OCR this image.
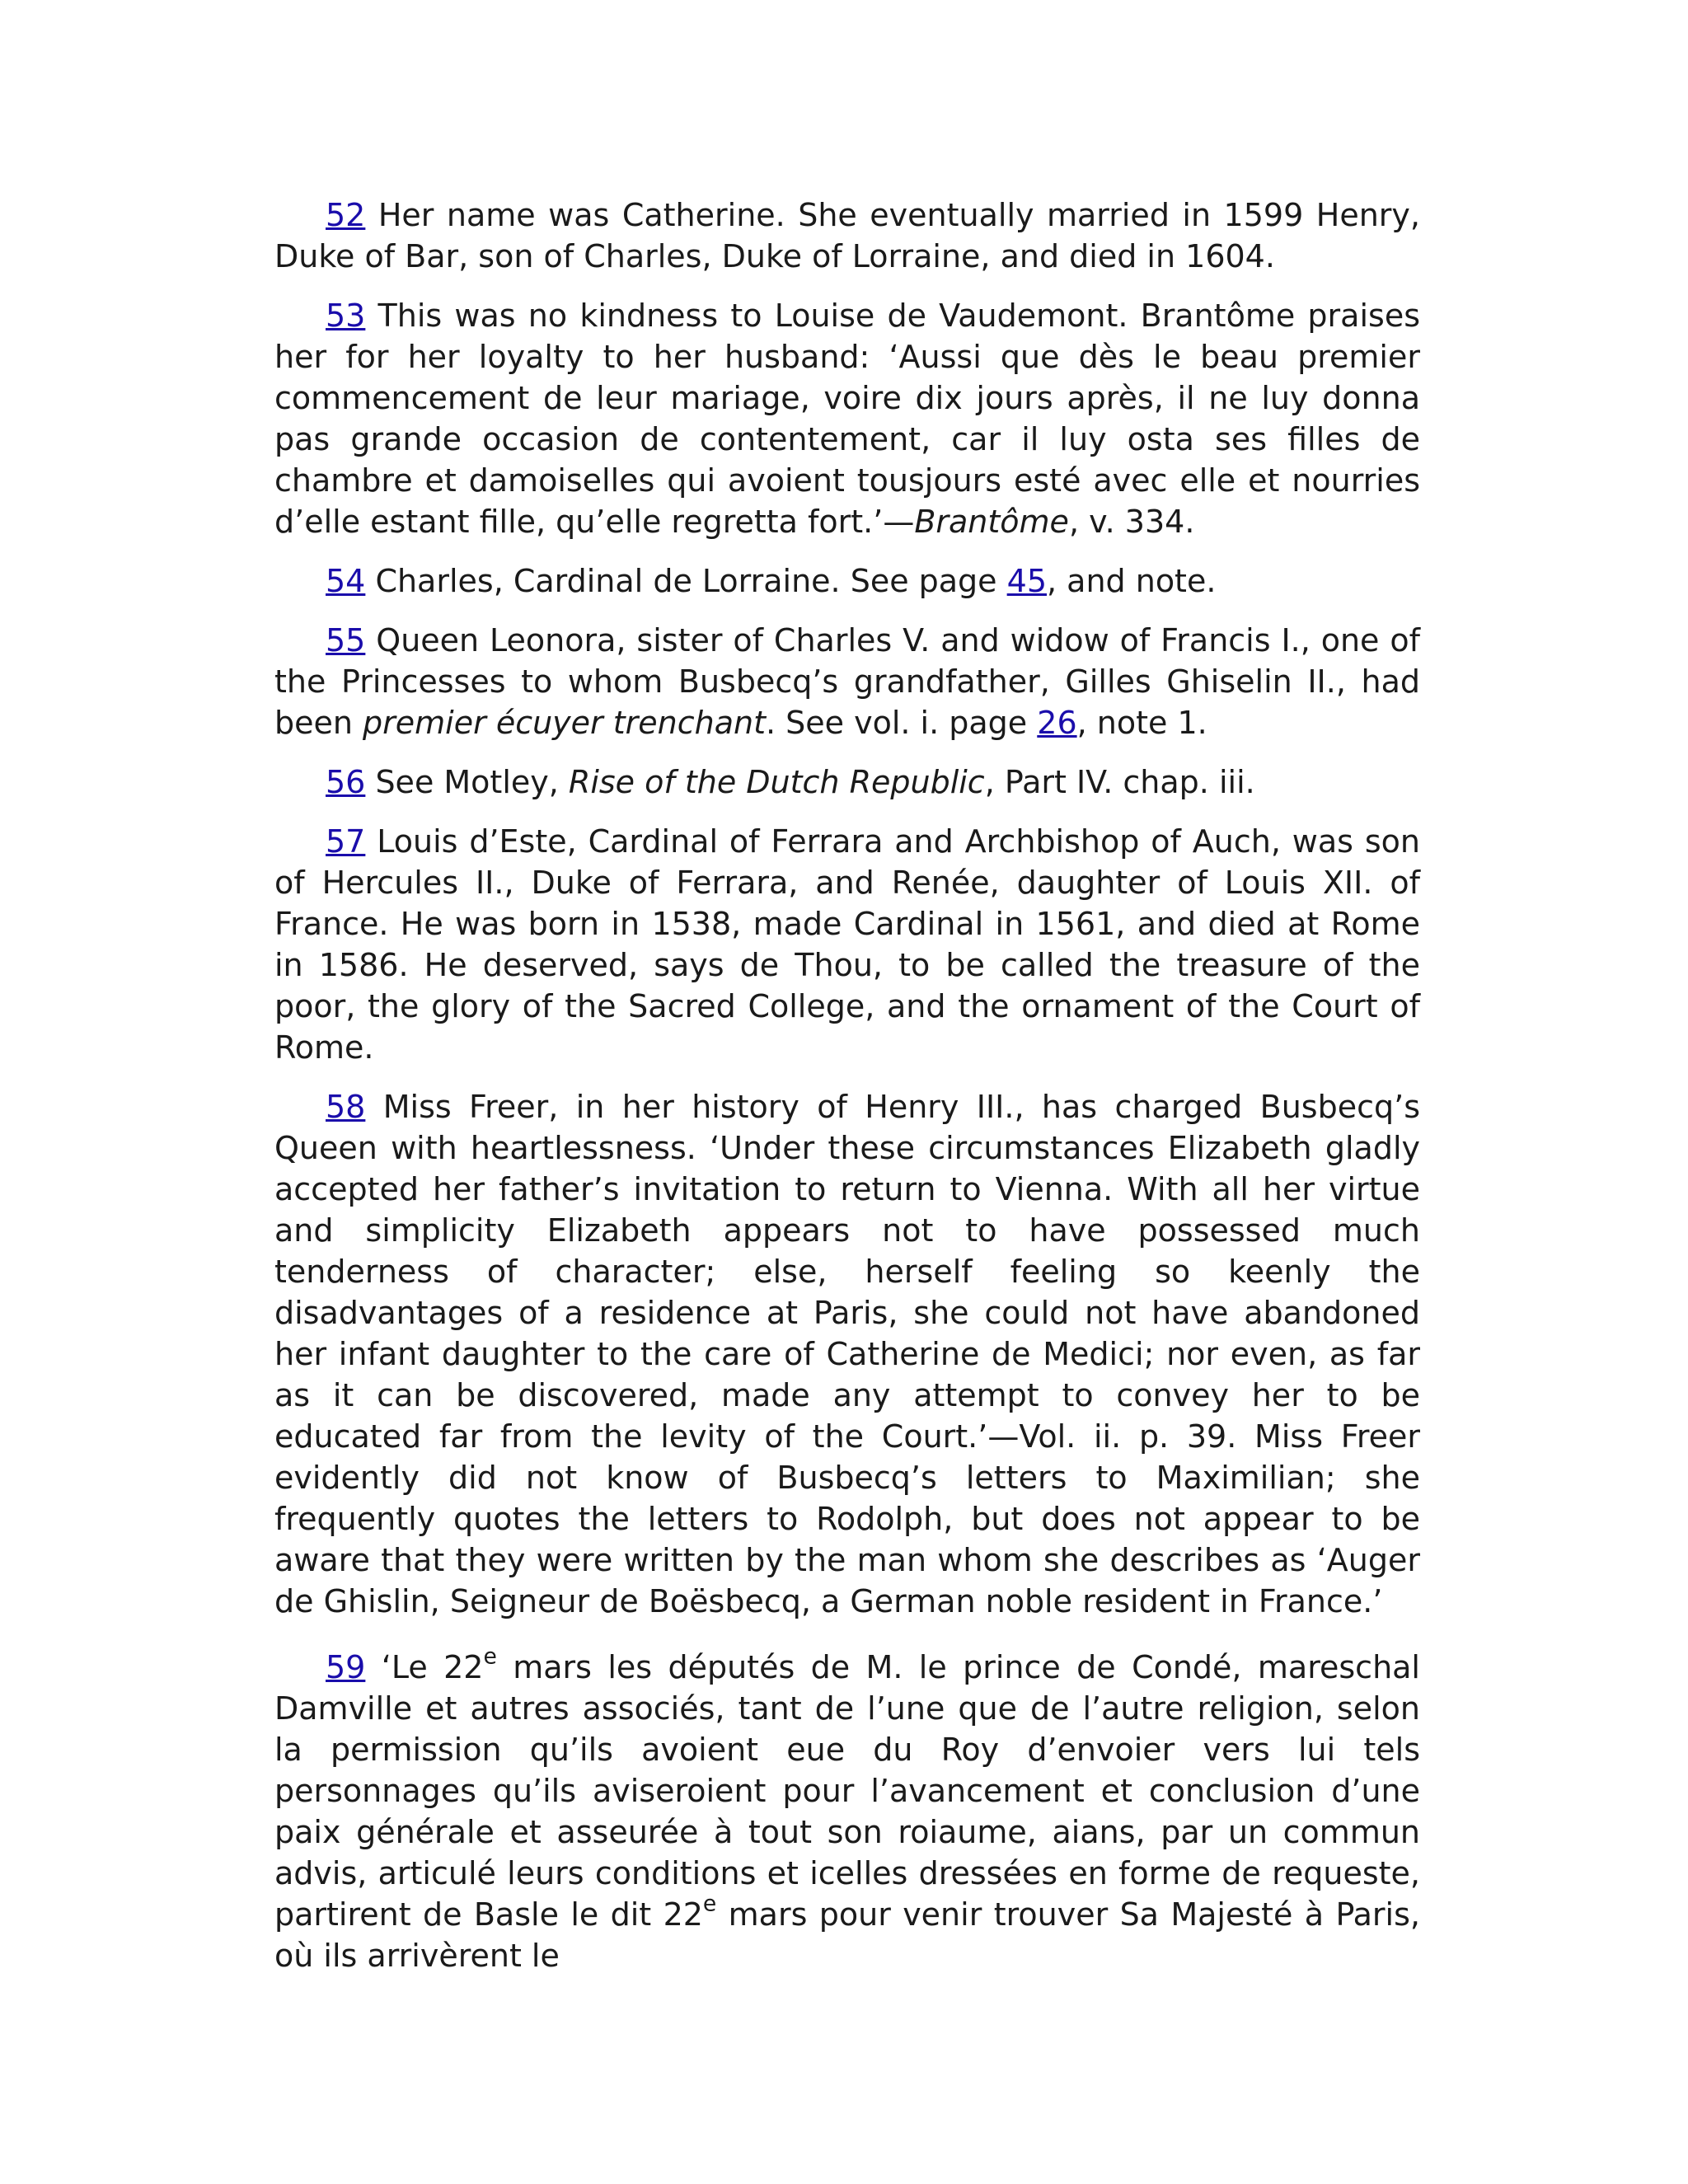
52 Her name was Catherine. She eventually married in 1599 Henry, Duke of Bar, son of Charles, Duke of Lorraine, and died in 1604.

53 This was no kindness to Louise de Vaudemont. Brantôme praises her for her loyalty to her husband: ‘Aussi que dès le beau premier commencement de leur mariage, voire dix jours après, il ne luy donna pas grande occasion de contentement, car il luy osta ses filles de chambre et damoiselles qui avoient tousjours esté avec elle et nourries d’elle estant fille, qu’elle regretta fort.’—Brantôme, v. 334.

54 Charles, Cardinal de Lorraine. See page 45, and note.

55 Queen Leonora, sister of Charles V. and widow of Francis I., one of the Princesses to whom Busbecq’s grandfather, Gilles Ghiselin II., had been premier écuyer trenchant. See vol. i. page 26, note 1.

56 See Motley, Rise of the Dutch Republic, Part IV. chap. iii.

57 Louis d’Este, Cardinal of Ferrara and Archbishop of Auch, was son of Hercules II., Duke of Ferrara, and Renée, daughter of Louis XII. of France. He was born in 1538, made Cardinal in 1561, and died at Rome in 1586. He deserved, says de Thou, to be called the treasure of the poor, the glory of the Sacred College, and the ornament of the Court of Rome.

58 Miss Freer, in her history of Henry III., has charged Busbecq’s Queen with heartlessness. ‘Under these circumstances Elizabeth gladly accepted her father’s invitation to return to Vienna. With all her virtue and simplicity Elizabeth appears not to have possessed much tenderness of character; else, herself feeling so keenly the disadvantages of a residence at Paris, she could not have abandoned her infant daughter to the care of Catherine de Medici; nor even, as far as it can be discovered, made any attempt to convey her to be educated far from the levity of the Court.’—Vol. ii. p. 39. Miss Freer evidently did not know of Busbecq’s letters to Maximilian; she frequently quotes the letters to Rodolph, but does not appear to be aware that they were written by the man whom she describes as ‘Auger de Ghislin, Seigneur de Boësbecq, a German noble resident in France.’

59 ‘Le 22e mars les députés de M. le prince de Condé, mareschal Damville et autres associés, tant de l’une que de l’autre religion, selon la permission qu’ils avoient eue du Roy d’envoier vers lui tels personnages qu’ils aviseroient pour l’avancement et conclusion d’une paix générale et asseurée à tout son roiaume, aians, par un commun advis, articulé leurs conditions et icelles dressées en forme de requeste, partirent de Basle le dit 22e mars pour venir trouver Sa Majesté à Paris, où ils arrivèrent le
